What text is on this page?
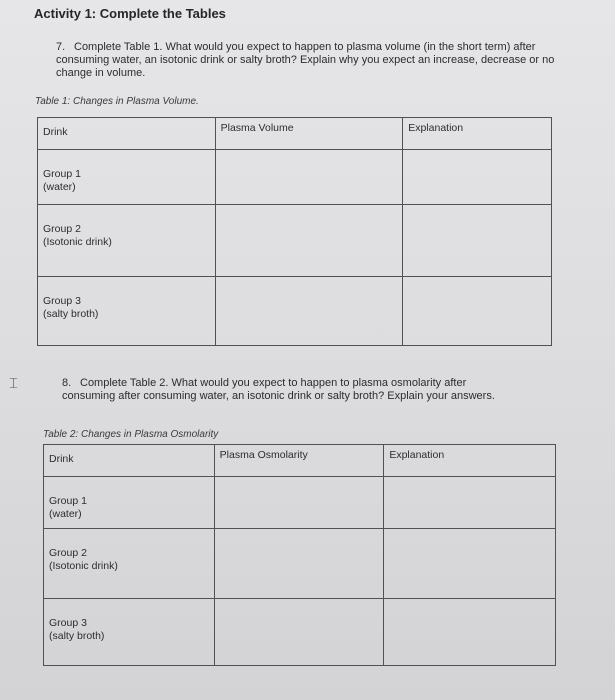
Activity 1: Complete the Tables
7. Complete Table 1. What would you expect to happen to plasma volume (in the short term) after consuming water, an isotonic drink or salty broth? Explain why you expect an increase, decrease or no change in volume.
Table 1: Changes in Plasma Volume.
Drink	Plasma Volume	Explanation

Group 1
(water)		

Group 2
(Isotonic drink)		

Group 3
(salty broth)		

⌶	8. Complete Table 2. What would you expect to happen to plasma osmolarity after consuming after consuming water, an isotonic drink or salty broth? Explain your answers.
Table 2: Changes in Plasma Osmolarity
Drink	Plasma Osmolarity	Explanation

Group 1
(water)		

Group 2
(Isotonic drink)		

Group 3
(salty broth)		
